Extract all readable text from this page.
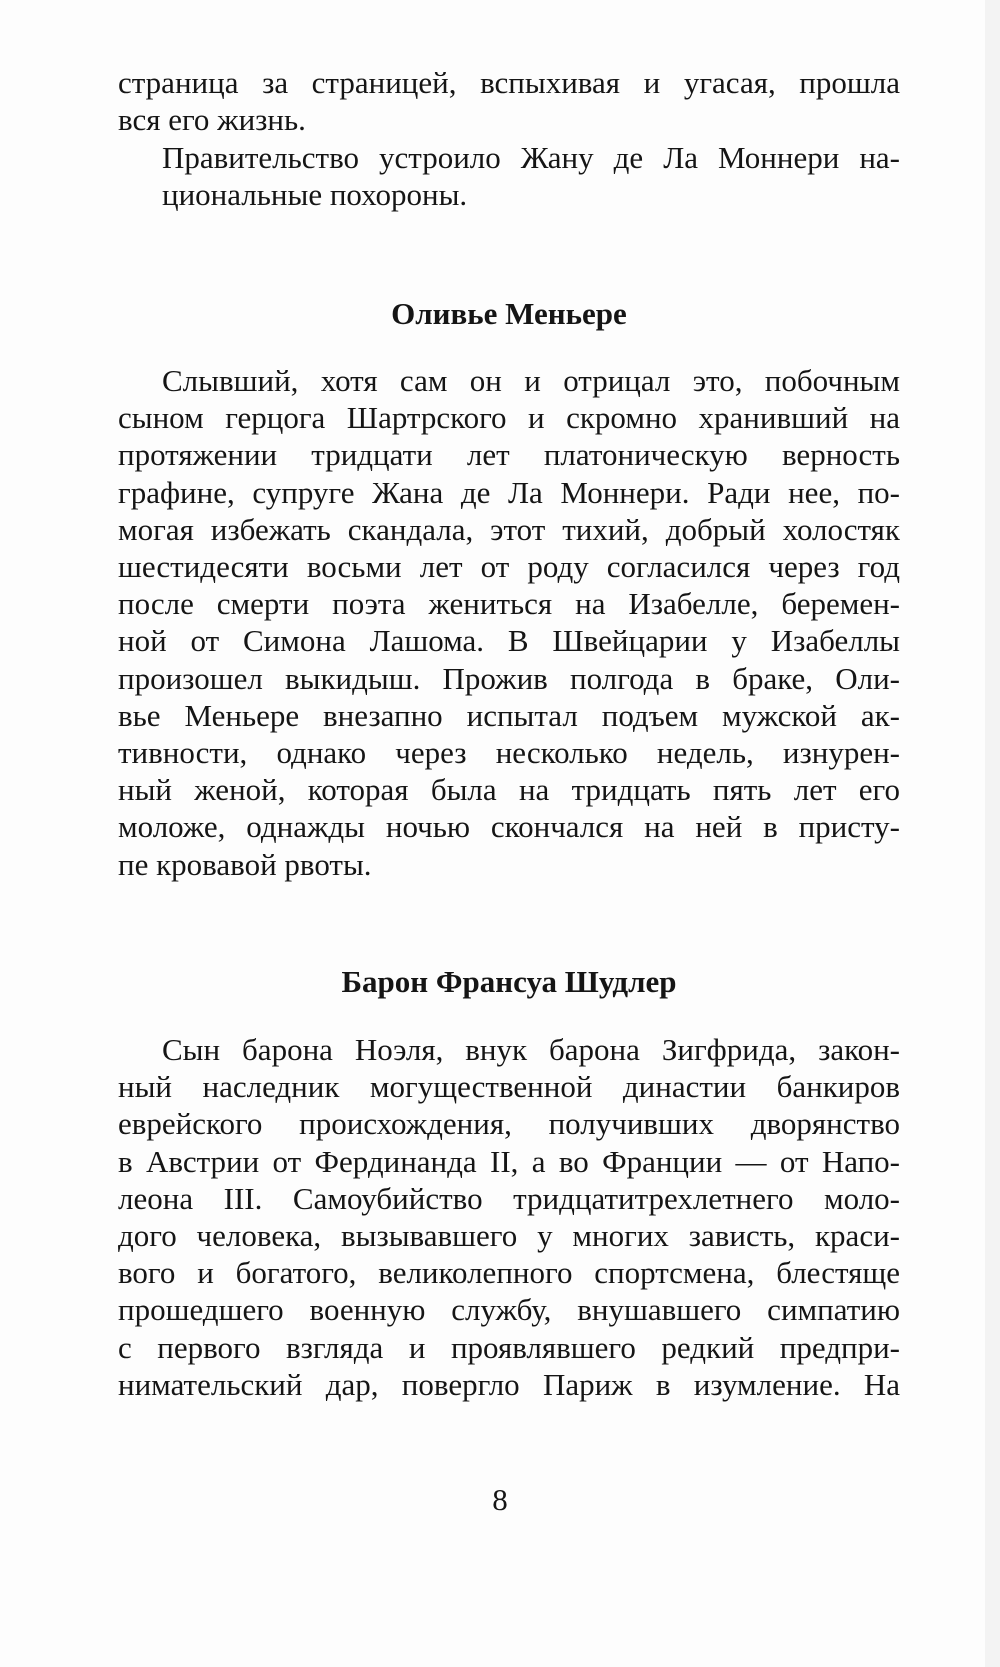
страница за страницей, вспыхивая и угасая, прошла
вся его жизнь.
Правительство устроило Жану де Ла Моннери на-
циональные похороны.
Оливье Меньере
Слывший, хотя сам он и отрицал это, побочным
сыном герцога Шартрского и скромно хранивший на
протяжении тридцати лет платоническую верность
графине, супруге Жана де Ла Моннери. Ради нее, по-
могая избежать скандала, этот тихий, добрый холостяк
шестидесяти восьми лет от роду согласился через год
после смерти поэта жениться на Изабелле, беремен-
ной от Симона Лашома. В Швейцарии у Изабеллы
произошел выкидыш. Прожив полгода в браке, Оли-
вье Меньере внезапно испытал подъем мужской ак-
тивности, однако через несколько недель, изнурен-
ный женой, которая была на тридцать пять лет его
моложе, однажды ночью скончался на ней в присту-
пе кровавой рвоты.
Барон Франсуа Шудлер
Сын барона Ноэля, внук барона Зигфрида, закон-
ный наследник могущественной династии банкиров
еврейского происхождения, получивших дворянство
в Австрии от Фердинанда II, а во Франции — от Напо-
леона III. Самоубийство тридцатитрехлетнего моло-
дого человека, вызывавшего у многих зависть, краси-
вого и богатого, великолепного спортсмена, блестяще
прошедшего военную службу, внушавшего симпатию
с первого взгляда и проявлявшего редкий предпри-
нимательский дар, повергло Париж в изумление. На
8
